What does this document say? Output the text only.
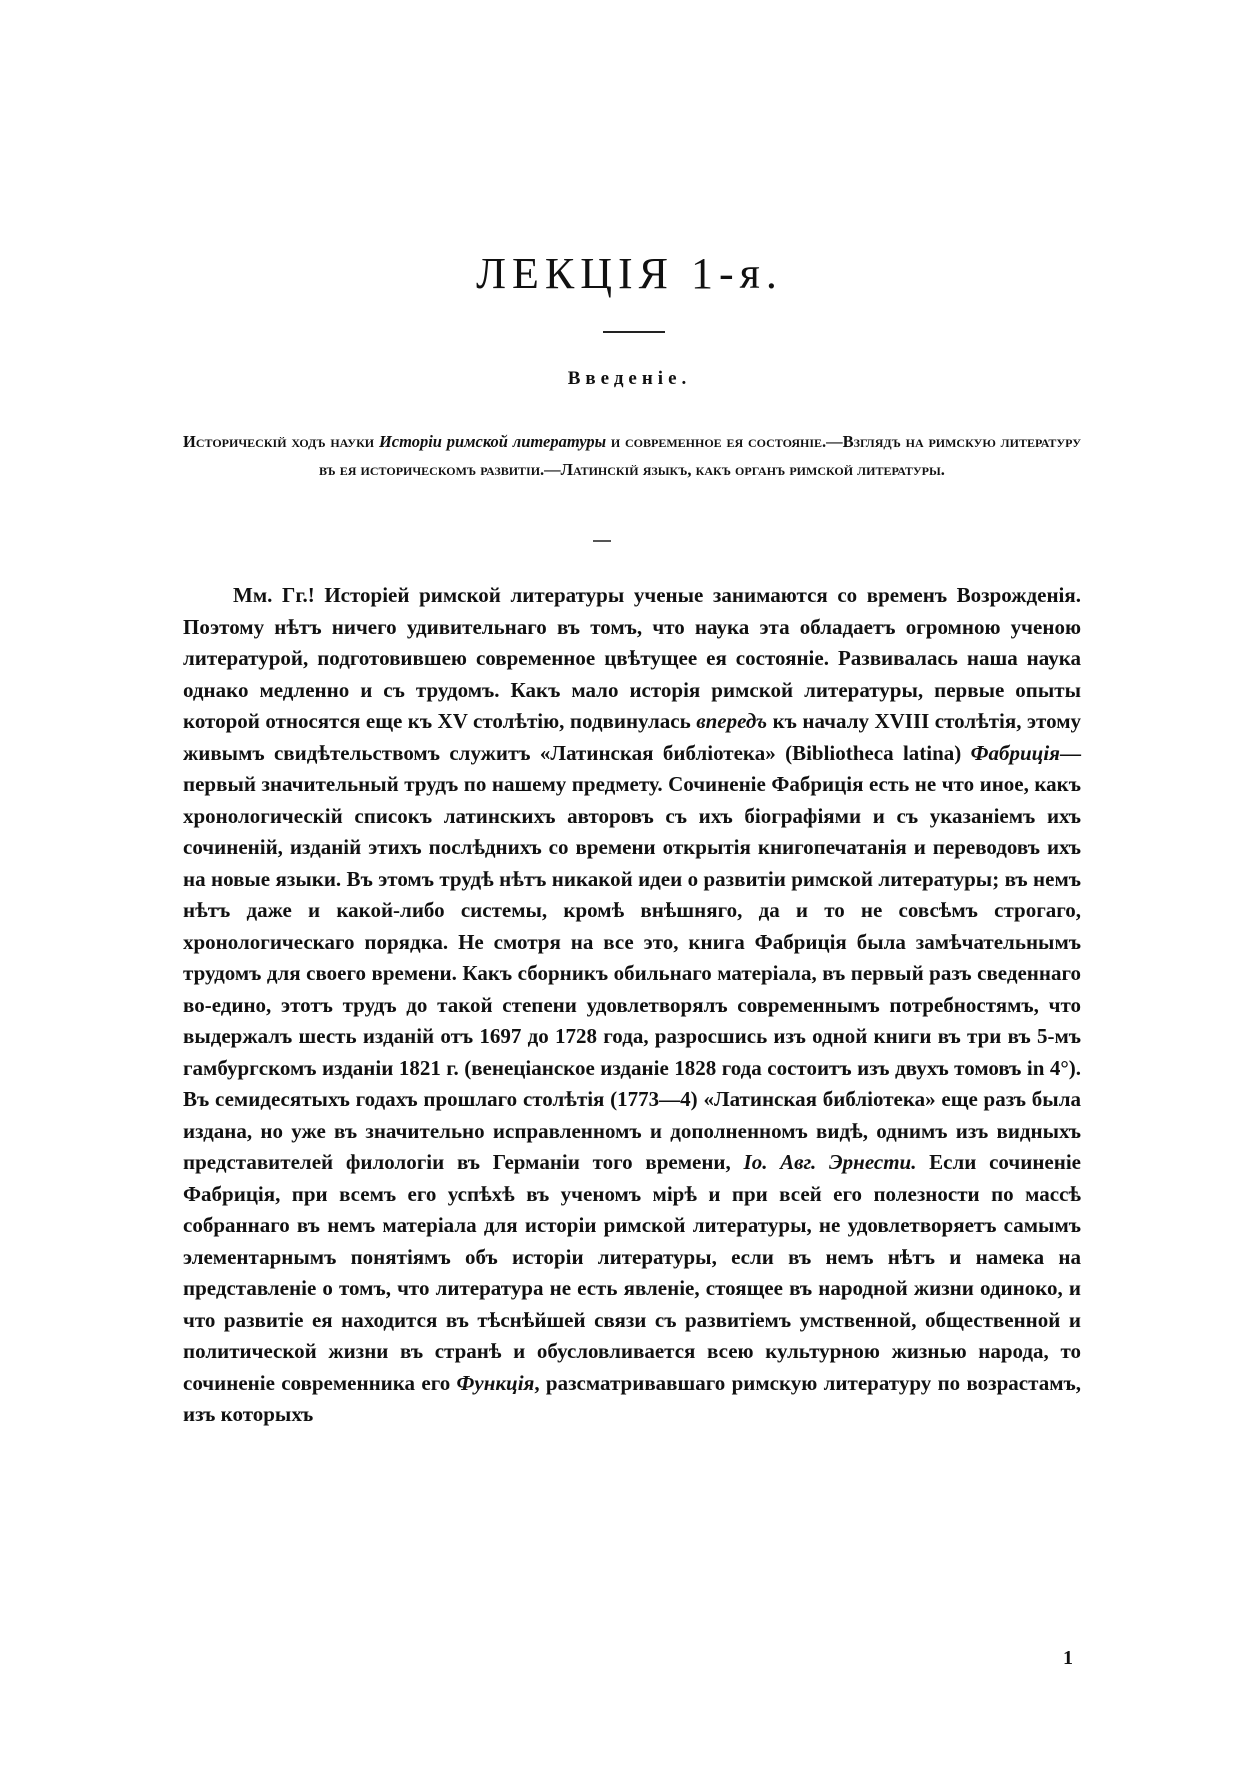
ЛЕКЦІЯ 1-я.
Введеніе.
Историческій ходъ науки Исторіи римской литературы и современное ея состояніе.—Взглядъ на римскую литературу въ ея историческомъ развитіи.—Латинскій языкъ, какъ органъ римской литературы.
Мм. Гг.! Исторіей римской литературы ученые занимаются со временъ Возрожденія. Поэтому нѣтъ ничего удивительнаго въ томъ, что наука эта обладаетъ огромною ученою литературой, подготовившею современное цвѣтущее ея состояніе. Развивалась наша наука однако медленно и съ трудомъ. Какъ мало исторія римской литературы, первые опыты которой относятся еще къ XV столѣтію, подвинулась впередъ къ началу XVIII столѣтія, этому живымъ свидѣтельствомъ служитъ «Латинская библіотека» (Bibliotheca latina) Фабриція—первый значительный трудъ по нашему предмету. Сочиненіе Фабриція есть не что иное, какъ хронологическій списокъ латинскихъ авторовъ съ ихъ біографіями и съ указаніемъ ихъ сочиненій, изданій этихъ послѣднихъ со времени открытія книгопечатанія и переводовъ ихъ на новые языки. Въ этомъ трудѣ нѣтъ никакой идеи о развитіи римской литературы; въ немъ нѣтъ даже и какой-либо системы, кромѣ внѣшняго, да и то не совсѣмъ строгаго, хронологическаго порядка. Не смотря на все это, книга Фабриція была замѣчательнымъ трудомъ для своего времени. Какъ сборникъ обильнаго матеріала, въ первый разъ сведеннаго во-едино, этотъ трудъ до такой степени удовлетворялъ современнымъ потребностямъ, что выдержалъ шесть изданій отъ 1697 до 1728 года, разросшись изъ одной книги въ три въ 5-мъ гамбургскомъ изданіи 1821 г. (венеціанское изданіе 1828 года состоитъ изъ двухъ томовъ in 4°). Въ семидесятыхъ годахъ прошлаго столѣтія (1773—4) «Латинская библіотека» еще разъ была издана, но уже въ значительно исправленномъ и дополненномъ видѣ, однимъ изъ видныхъ представителей филологіи въ Германіи того времени, Іо. Авг. Эрнести. Если сочиненіе Фабриція, при всемъ его успѣхѣ въ ученомъ мірѣ и при всей его полезности по массѣ собраннаго въ немъ матеріала для исторіи римской литературы, не удовлетворяетъ самымъ элементарнымъ понятіямъ объ исторіи литературы, если въ немъ нѣтъ и намека на представленіе о томъ, что литература не есть явленіе, стоящее въ народной жизни одиноко, и что развитіе ея находится въ тѣснѣйшей связи съ развитіемъ умственной, общественной и политической жизни въ странѣ и обусловливается всею культурною жизнью народа, то сочиненіе современника его Функція, разсматривавшаго римскую литературу по возрастамъ, изъ которыхъ
1
